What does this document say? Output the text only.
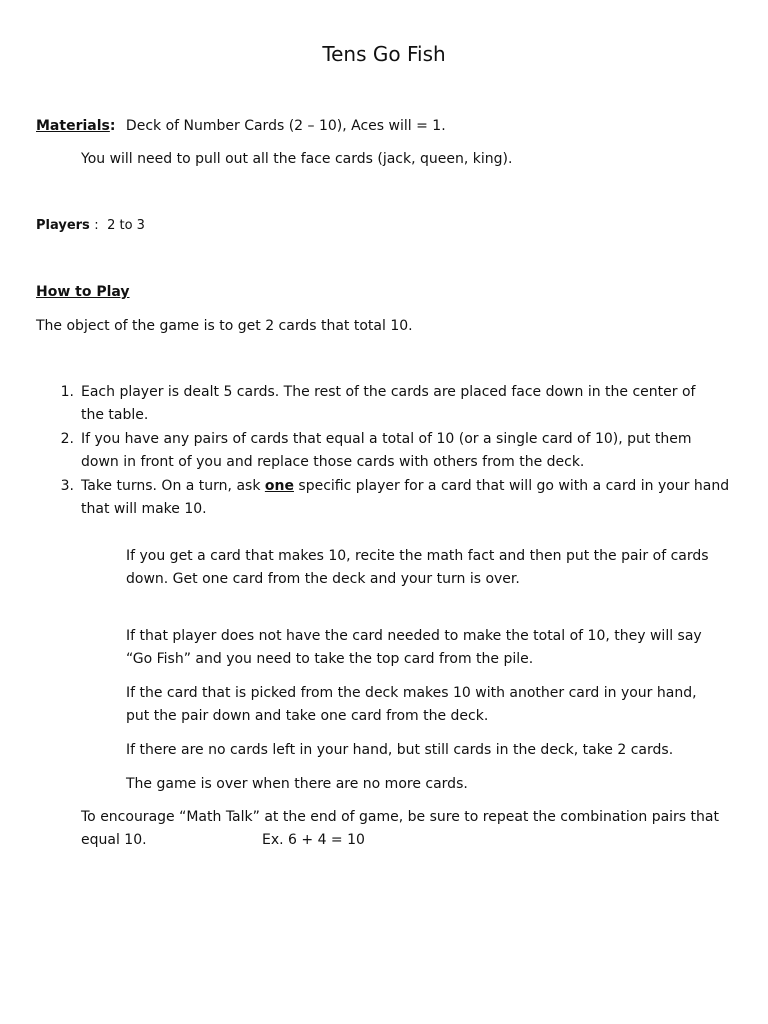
Tens Go Fish
Materials: Deck of Number Cards (2 – 10), Aces will = 1.
You will need to pull out all the face cards (jack, queen, king).
Players : 2 to 3
How to Play
The object of the game is to get 2 cards that total 10.
1. Each player is dealt 5 cards. The rest of the cards are placed face down in the center of
the table.
2. If you have any pairs of cards that equal a total of 10 (or a single card of 10), put them
down in front of you and replace those cards with others from the deck.
3. Take turns. On a turn, ask one specific player for a card that will go with a card in your hand
that will make 10.
If you get a card that makes 10, recite the math fact and then put the pair of cards
down. Get one card from the deck and your turn is over.
If that player does not have the card needed to make the total of 10, they will say
“Go Fish” and you need to take the top card from the pile.
If the card that is picked from the deck makes 10 with another card in your hand,
put the pair down and take one card from the deck.
If there are no cards left in your hand, but still cards in the deck, take 2 cards.
The game is over when there are no more cards.
To encourage “Math Talk” at the end of game, be sure to repeat the combination pairs that
equal 10.	Ex. 6 + 4 = 10
